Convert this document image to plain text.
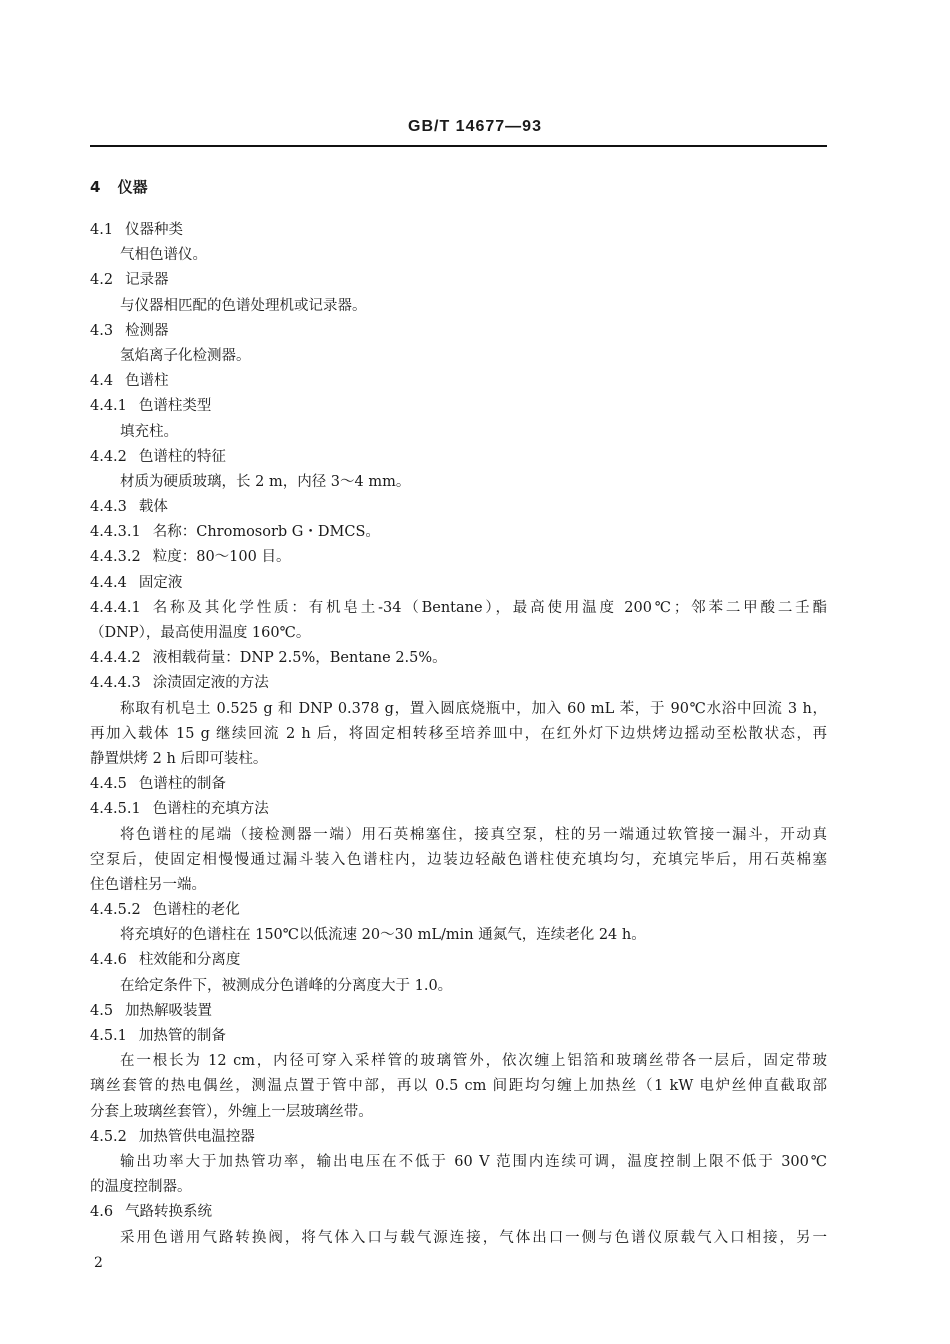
GB/T 14677—93
4 仪器
4.1 仪器种类
气相色谱仪。
4.2 记录器
与仪器相匹配的色谱处理机或记录器。
4.3 检测器
氢焰离子化检测器。
4.4 色谱柱
4.4.1 色谱柱类型
填充柱。
4.4.2 色谱柱的特征
材质为硬质玻璃，长 2 m，内径 3～4 mm。
4.4.3 载体
4.4.3.1 名称：Chromosorb G・DMCS。
4.4.3.2 粒度：80～100 目。
4.4.4 固定液
4.4.4.1 名称及其化学性质：有机皂土-34（Bentane），最高使用温度 200℃；邻苯二甲酸二壬酯
（DNP），最高使用温度 160℃。
4.4.4.2 液相载荷量：DNP 2.5%，Bentane 2.5%。
4.4.4.3 涂渍固定液的方法
称取有机皂土 0.525 g 和 DNP 0.378 g，置入圆底烧瓶中，加入 60 mL 苯，于 90℃水浴中回流 3 h，
再加入载体 15 g 继续回流 2 h 后，将固定相转移至培养皿中，在红外灯下边烘烤边摇动至松散状态，再
静置烘烤 2 h 后即可装柱。
4.4.5 色谱柱的制备
4.4.5.1 色谱柱的充填方法
将色谱柱的尾端（接检测器一端）用石英棉塞住，接真空泵，柱的另一端通过软管接一漏斗，开动真
空泵后，使固定相慢慢通过漏斗装入色谱柱内，边装边轻敲色谱柱使充填均匀，充填完毕后，用石英棉塞
住色谱柱另一端。
4.4.5.2 色谱柱的老化
将充填好的色谱柱在 150℃以低流速 20～30 mL/min 通氮气，连续老化 24 h。
4.4.6 柱效能和分离度
在给定条件下，被测成分色谱峰的分离度大于 1.0。
4.5 加热解吸装置
4.5.1 加热管的制备
在一根长为 12 cm，内径可穿入采样管的玻璃管外，依次缠上铝箔和玻璃丝带各一层后，固定带玻
璃丝套管的热电偶丝，测温点置于管中部，再以 0.5 cm 间距均匀缠上加热丝（1 kW 电炉丝伸直截取部
分套上玻璃丝套管），外缠上一层玻璃丝带。
4.5.2 加热管供电温控器
输出功率大于加热管功率，输出电压在不低于 60 V 范围内连续可调，温度控制上限不低于 300℃
的温度控制器。
4.6 气路转换系统
采用色谱用气路转换阀，将气体入口与载气源连接，气体出口一侧与色谱仪原载气入口相接，另一
2
